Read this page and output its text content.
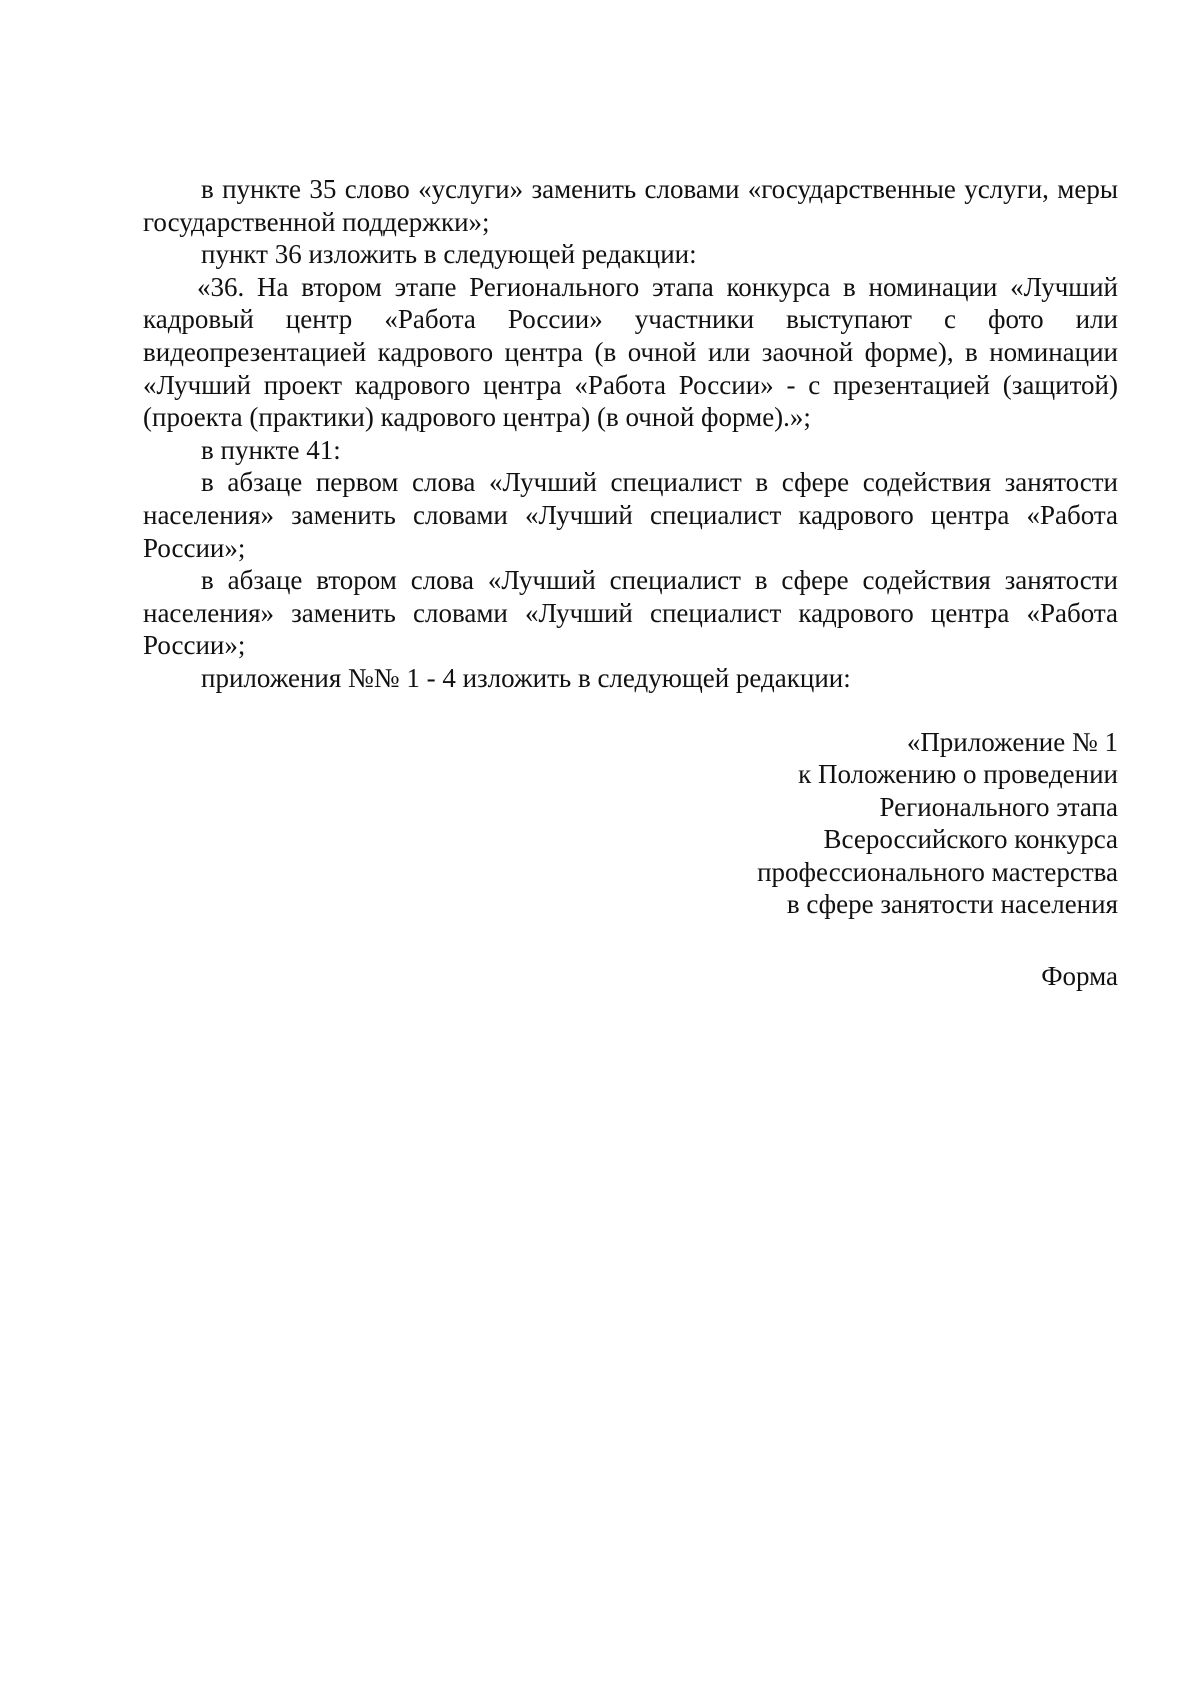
в пункте 35 слово «услуги» заменить словами «государственные услуги, меры государственной поддержки»;

пункт 36 изложить в следующей редакции:

«36. На втором этапе Регионального этапа конкурса в номинации «Лучший кадровый центр «Работа России» участники выступают с фото или видеопрезентацией кадрового центра (в очной или заочной форме), в номинации «Лучший проект кадрового центра «Работа России» - с презентацией (защитой) (проекта (практики) кадрового центра) (в очной форме).»;

в пункте 41:

в абзаце первом слова «Лучший специалист в сфере содействия занятости населения» заменить словами «Лучший специалист кадрового центра «Работа России»;

в абзаце втором слова «Лучший специалист в сфере содействия занятости населения» заменить словами «Лучший специалист кадрового центра «Работа России»;

приложения №№ 1 - 4 изложить в следующей редакции:

«Приложение № 1
к Положению о проведении
Регионального этапа
Всероссийского конкурса
профессионального мастерства
в сфере занятости населения
Форма
